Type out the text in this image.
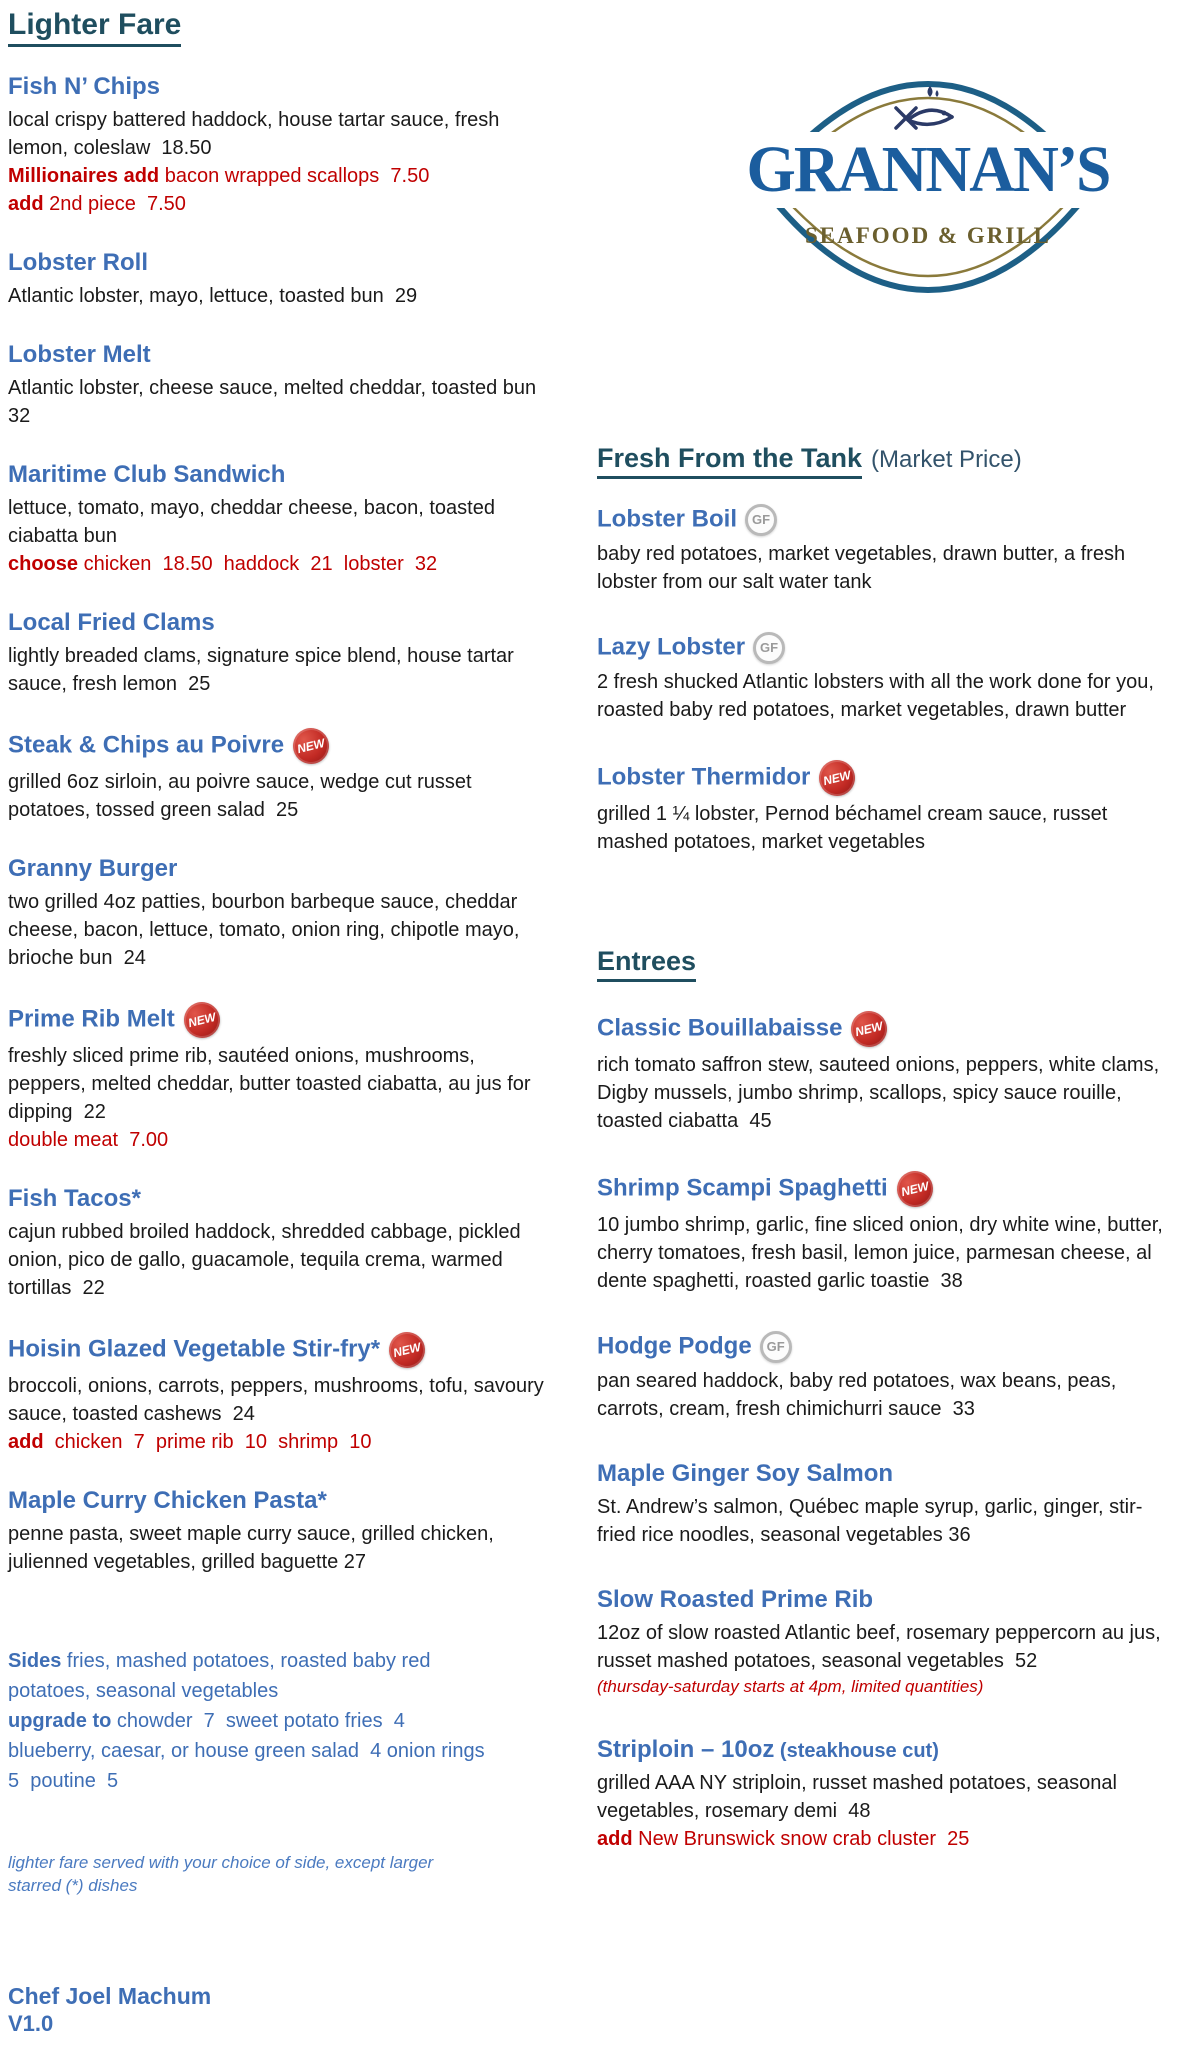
Lighter Fare
Fish N’ Chips

local crispy battered haddock, house tartar sauce, fresh lemon, coleslaw  18.50

Millionaires add bacon wrapped scallops  7.50

add 2nd piece  7.50

Lobster Roll

Atlantic lobster, mayo, lettuce, toasted bun  29

Lobster Melt

Atlantic lobster, cheese sauce, melted cheddar, toasted bun  32

Maritime Club Sandwich

lettuce, tomato, mayo, cheddar cheese, bacon, toasted ciabatta bun

choose chicken  18.50  haddock  21  lobster  32

Local Fried Clams

lightly breaded clams, signature spice blend, house tartar sauce, fresh lemon  25

Steak & Chips au Poivre NEW

grilled 6oz sirloin, au poivre sauce, wedge cut russet potatoes, tossed green salad  25

Granny Burger

two grilled 4oz patties, bourbon barbeque sauce, cheddar cheese, bacon, lettuce, tomato, onion ring, chipotle mayo, brioche bun  24

Prime Rib Melt NEW

freshly sliced prime rib, sautéed onions, mushrooms, peppers, melted cheddar, butter toasted ciabatta, au jus for dipping  22

double meat  7.00

Fish Tacos*

cajun rubbed broiled haddock, shredded cabbage, pickled onion, pico de gallo, guacamole, tequila crema, warmed tortillas  22

Hoisin Glazed Vegetable Stir-fry* NEW

broccoli, onions, carrots, peppers, mushrooms, tofu, savoury sauce, toasted cashews  24

add  chicken  7  prime rib  10  shrimp  10

Maple Curry Chicken Pasta*

penne pasta, sweet maple curry sauce, grilled chicken, julienned vegetables, grilled baguette 27

Sides fries, mashed potatoes, roasted baby red potatoes, seasonal vegetables

upgrade to chowder  7  sweet potato fries  4 blueberry, caesar, or house green salad  4 onion rings  5  poutine  5

lighter fare served with your choice of side, except larger starred (*) dishes

Chef Joel Machum

V1.0

GRANNAN’S
SEAFOOD & GRILL
Fresh From the Tank (Market Price)
Lobster Boil GF

baby red potatoes, market vegetables, drawn butter, a fresh lobster from our salt water tank

Lazy Lobster GF

2 fresh shucked Atlantic lobsters with all the work done for you, roasted baby red potatoes, market vegetables, drawn butter

Lobster Thermidor NEW

grilled 1 ¼ lobster, Pernod béchamel cream sauce, russet mashed potatoes, market vegetables

Entrees
Classic Bouillabaisse NEW

rich tomato saffron stew, sauteed onions, peppers, white clams, Digby mussels, jumbo shrimp, scallops, spicy sauce rouille, toasted ciabatta  45

Shrimp Scampi Spaghetti NEW

10 jumbo shrimp, garlic, fine sliced onion, dry white wine, butter, cherry tomatoes, fresh basil, lemon juice, parmesan cheese, al dente spaghetti, roasted garlic toastie  38

Hodge Podge GF

pan seared haddock, baby red potatoes, wax beans, peas, carrots, cream, fresh chimichurri sauce  33

Maple Ginger Soy Salmon

St. Andrew’s salmon, Québec maple syrup, garlic, ginger, stir-fried rice noodles, seasonal vegetables 36

Slow Roasted Prime Rib

12oz of slow roasted Atlantic beef, rosemary peppercorn au jus, russet mashed potatoes, seasonal vegetables  52

(thursday-saturday starts at 4pm, limited quantities)

Striploin – 10oz (steakhouse cut)

grilled AAA NY striploin, russet mashed potatoes, seasonal vegetables, rosemary demi  48

add New Brunswick snow crab cluster  25
